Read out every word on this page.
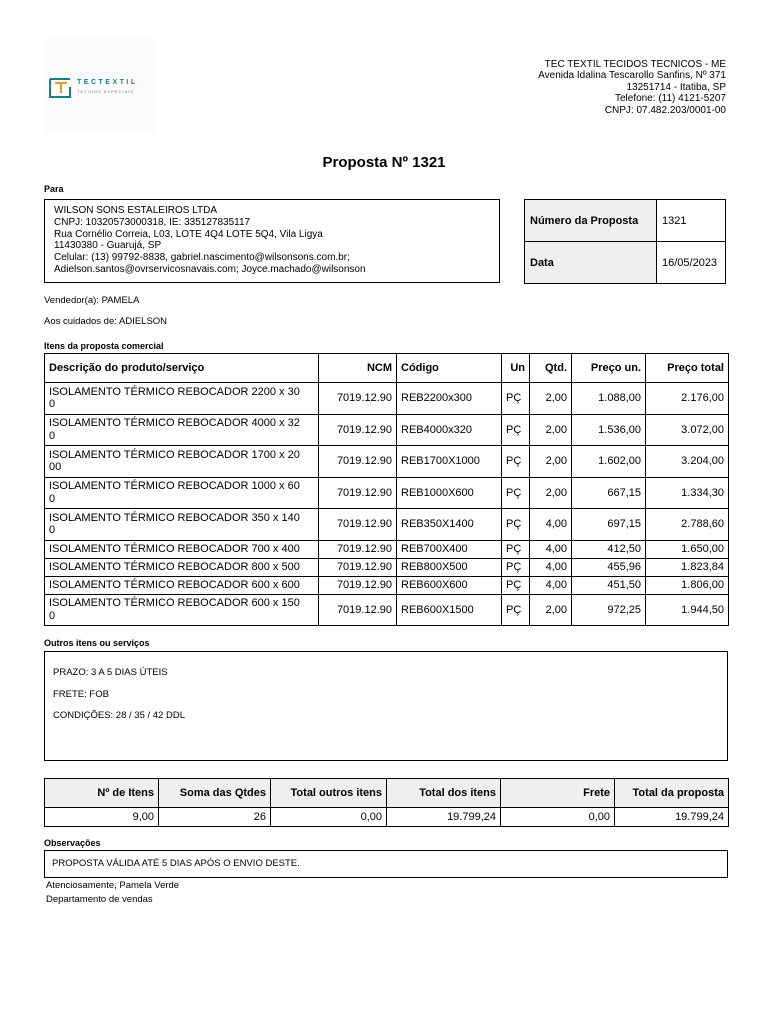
TECTEXTIL
TECIDOS ESPECIAIS
TEC TEXTIL TECIDOS TECNICOS - ME
Avenida Idalina Tescarollo Sanfins, Nº 371
13251714 - Itatiba, SP
Telefone: (11) 4121-5207
CNPJ: 07.482.203/0001-00
Proposta Nº 1321
Para
WILSON SONS ESTALEIROS LTDA
CNPJ: 10320573000318, IE: 335127835117
Rua Cornélio Correia, L03, LOTE 4Q4 LOTE 5Q4, Vila Ligya
11430380 - Guarujá, SP
Celular: (13) 99792-8838, gabriel.nascimento@wilsonsons.com.br;
Adielson.santos@ovrservicosnavais.com; Joyce.machado@wilsonson
Número da Proposta	1321
Data	16/05/2023
Vendedor(a): PAMELA
Aos cuidados de: ADIELSON
Itens da proposta comercial
Descrição do produto/serviço	NCM	Código	Un	Qtd.	Preço un.	Preço total
ISOLAMENTO TÉRMICO REBOCADOR 2200 x 30
0	7019.12.90	REB2200x300	PÇ	2,00	1.088,00	2.176,00
ISOLAMENTO TÉRMICO REBOCADOR 4000 x 32
0	7019.12.90	REB4000x320	PÇ	2,00	1.536,00	3.072,00
ISOLAMENTO TÉRMICO REBOCADOR 1700 x 20
00	7019.12.90	REB1700X1000	PÇ	2,00	1.602,00	3.204,00
ISOLAMENTO TÉRMICO REBOCADOR 1000 x 60
0	7019.12.90	REB1000X600	PÇ	2,00	667,15	1.334,30
ISOLAMENTO TÉRMICO REBOCADOR 350 x 140
0	7019.12.90	REB350X1400	PÇ	4,00	697,15	2.788,60
ISOLAMENTO TÉRMICO REBOCADOR 700 x 400	7019.12.90	REB700X400	PÇ	4,00	412,50	1.650,00
ISOLAMENTO TÉRMICO REBOCADOR 800 x 500	7019.12.90	REB800X500	PÇ	4,00	455,96	1.823,84
ISOLAMENTO TÉRMICO REBOCADOR 600 x 600	7019.12.90	REB600X600	PÇ	4,00	451,50	1.806,00
ISOLAMENTO TÉRMICO REBOCADOR 600 x 150
0	7019.12.90	REB600X1500	PÇ	2,00	972,25	1.944,50
Outros itens ou serviços
PRAZO: 3 A 5 DIAS ÚTEIS
FRETE: FOB
CONDIÇÕES: 28 / 35 / 42 DDL
Nº de Itens	Soma das Qtdes	Total outros itens	Total dos itens	Frete	Total da proposta
9,00	26	0,00	19.799,24	0,00	19.799,24
Observações
PROPOSTA VÁLIDA ATÉ 5 DIAS APÓS O ENVIO DESTE.
Atenciosamente, Pamela Verde
Departamento de vendas
